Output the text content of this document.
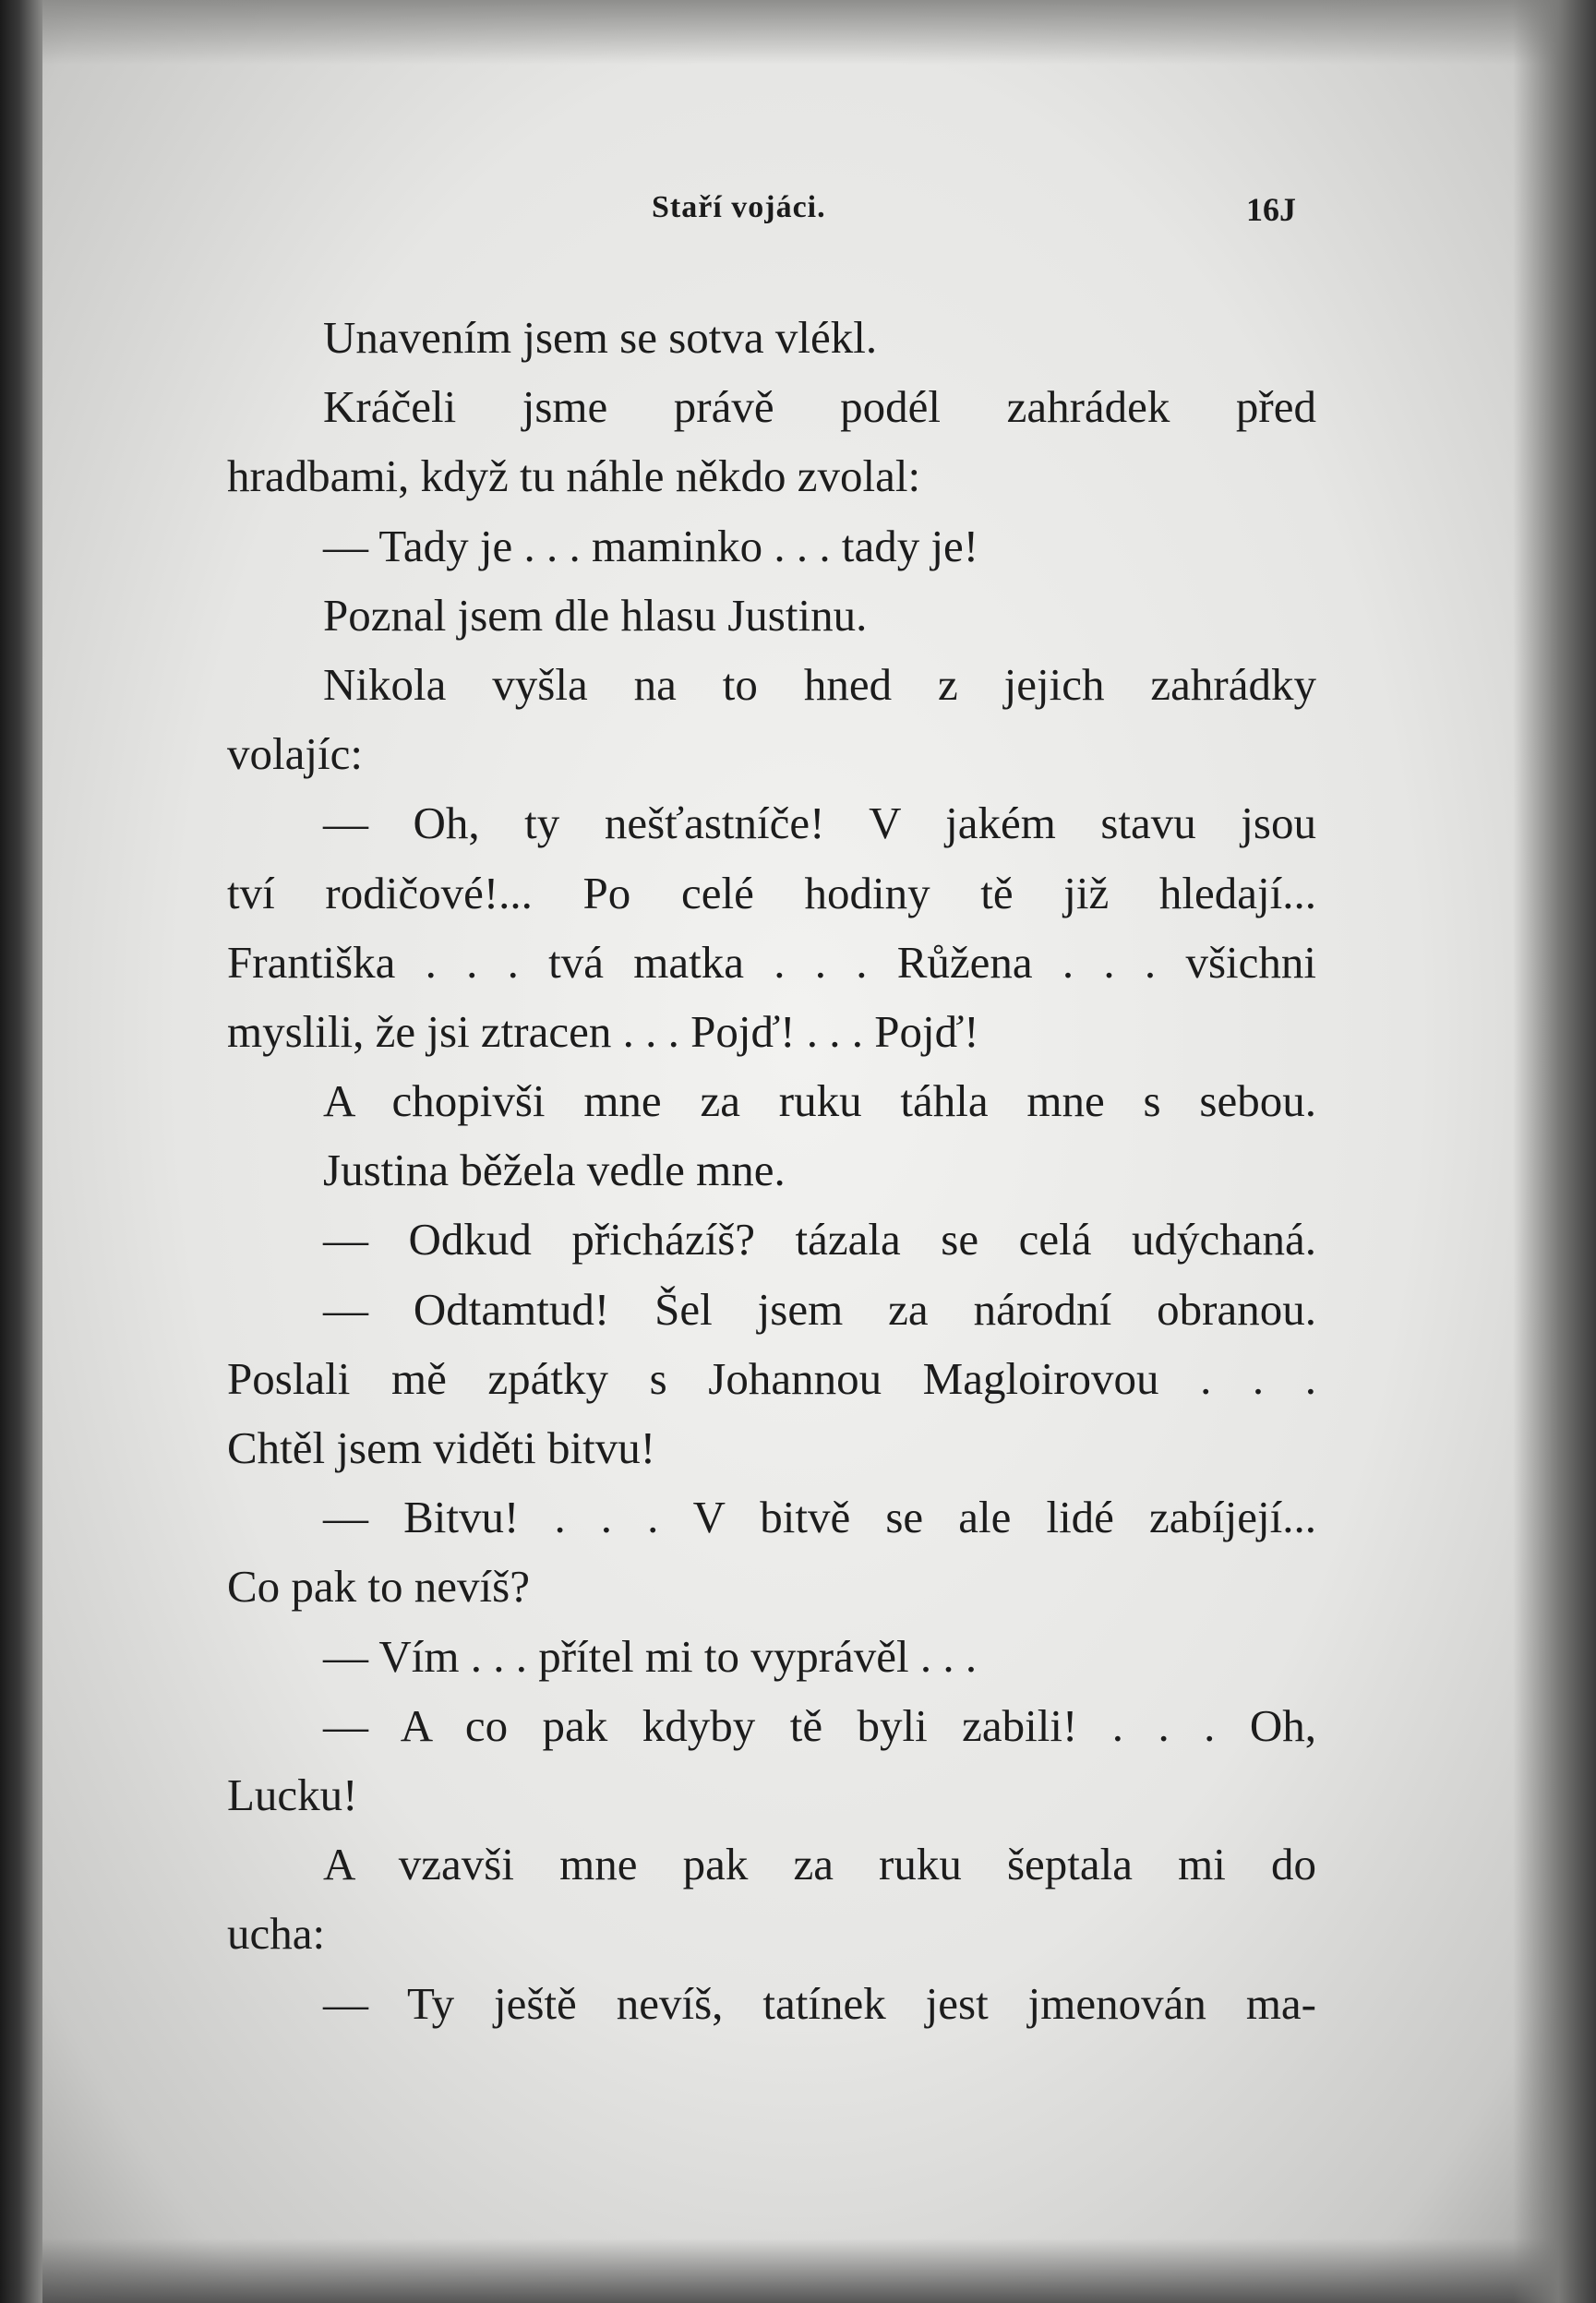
Staří vojáci.	16J
Unavením jsem se sotva vlékl.
Kráčeli jsme právě podél zahrádek před
hradbami, když tu náhle někdo zvolal:
— Tady je . . . maminko . . . tady je!
Poznal jsem dle hlasu Justinu.
Nikola vyšla na to hned z jejich zahrádky
volajíc:
— Oh, ty nešťastníče! V jakém stavu jsou
tví rodičové!... Po celé hodiny tě již hledají...
Františka . . . tvá matka . . . Růžena . . . všichni
myslili, že jsi ztracen . . . Pojď! . . . Pojď!
A chopivši mne za ruku táhla mne s sebou.
Justina běžela vedle mne.
— Odkud přicházíš? tázala se celá udýchaná.
— Odtamtud! Šel jsem za národní obranou.
Poslali mě zpátky s Johannou Magloirovou . . .
Chtěl jsem viděti bitvu!
— Bitvu! . . . V bitvě se ale lidé zabíjejí...
Co pak to nevíš?
— Vím . . . přítel mi to vyprávěl . . .
— A co pak kdyby tě byli zabili! . . . Oh,
Lucku!
A vzavši mne pak za ruku šeptala mi do
ucha:
— Ty ještě nevíš, tatínek jest jmenován ma-
